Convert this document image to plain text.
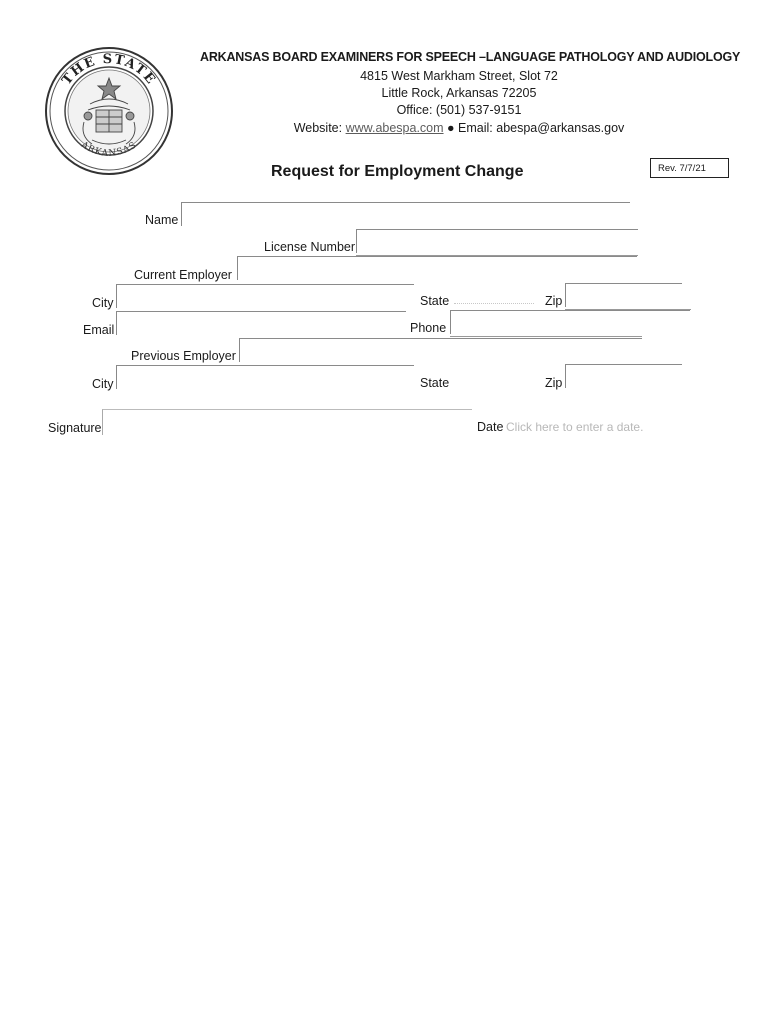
THE STATE
ARKANSAS
ARKANSAS BOARD EXAMINERS FOR SPEECH –LANGUAGE PATHOLOGY AND AUDIOLOGY
4815 West Markham Street, Slot 72
Little Rock, Arkansas 72205
Office: (501) 537-9151
Website: www.abespa.com ● Email: abespa@arkansas.gov
Request for Employment Change	Rev. 7/7/21
Name
License Number
Current Employer
City	State	Zip
Email	Phone
Previous Employer
City	State	Zip
Signature	Date Click here to enter a date.
